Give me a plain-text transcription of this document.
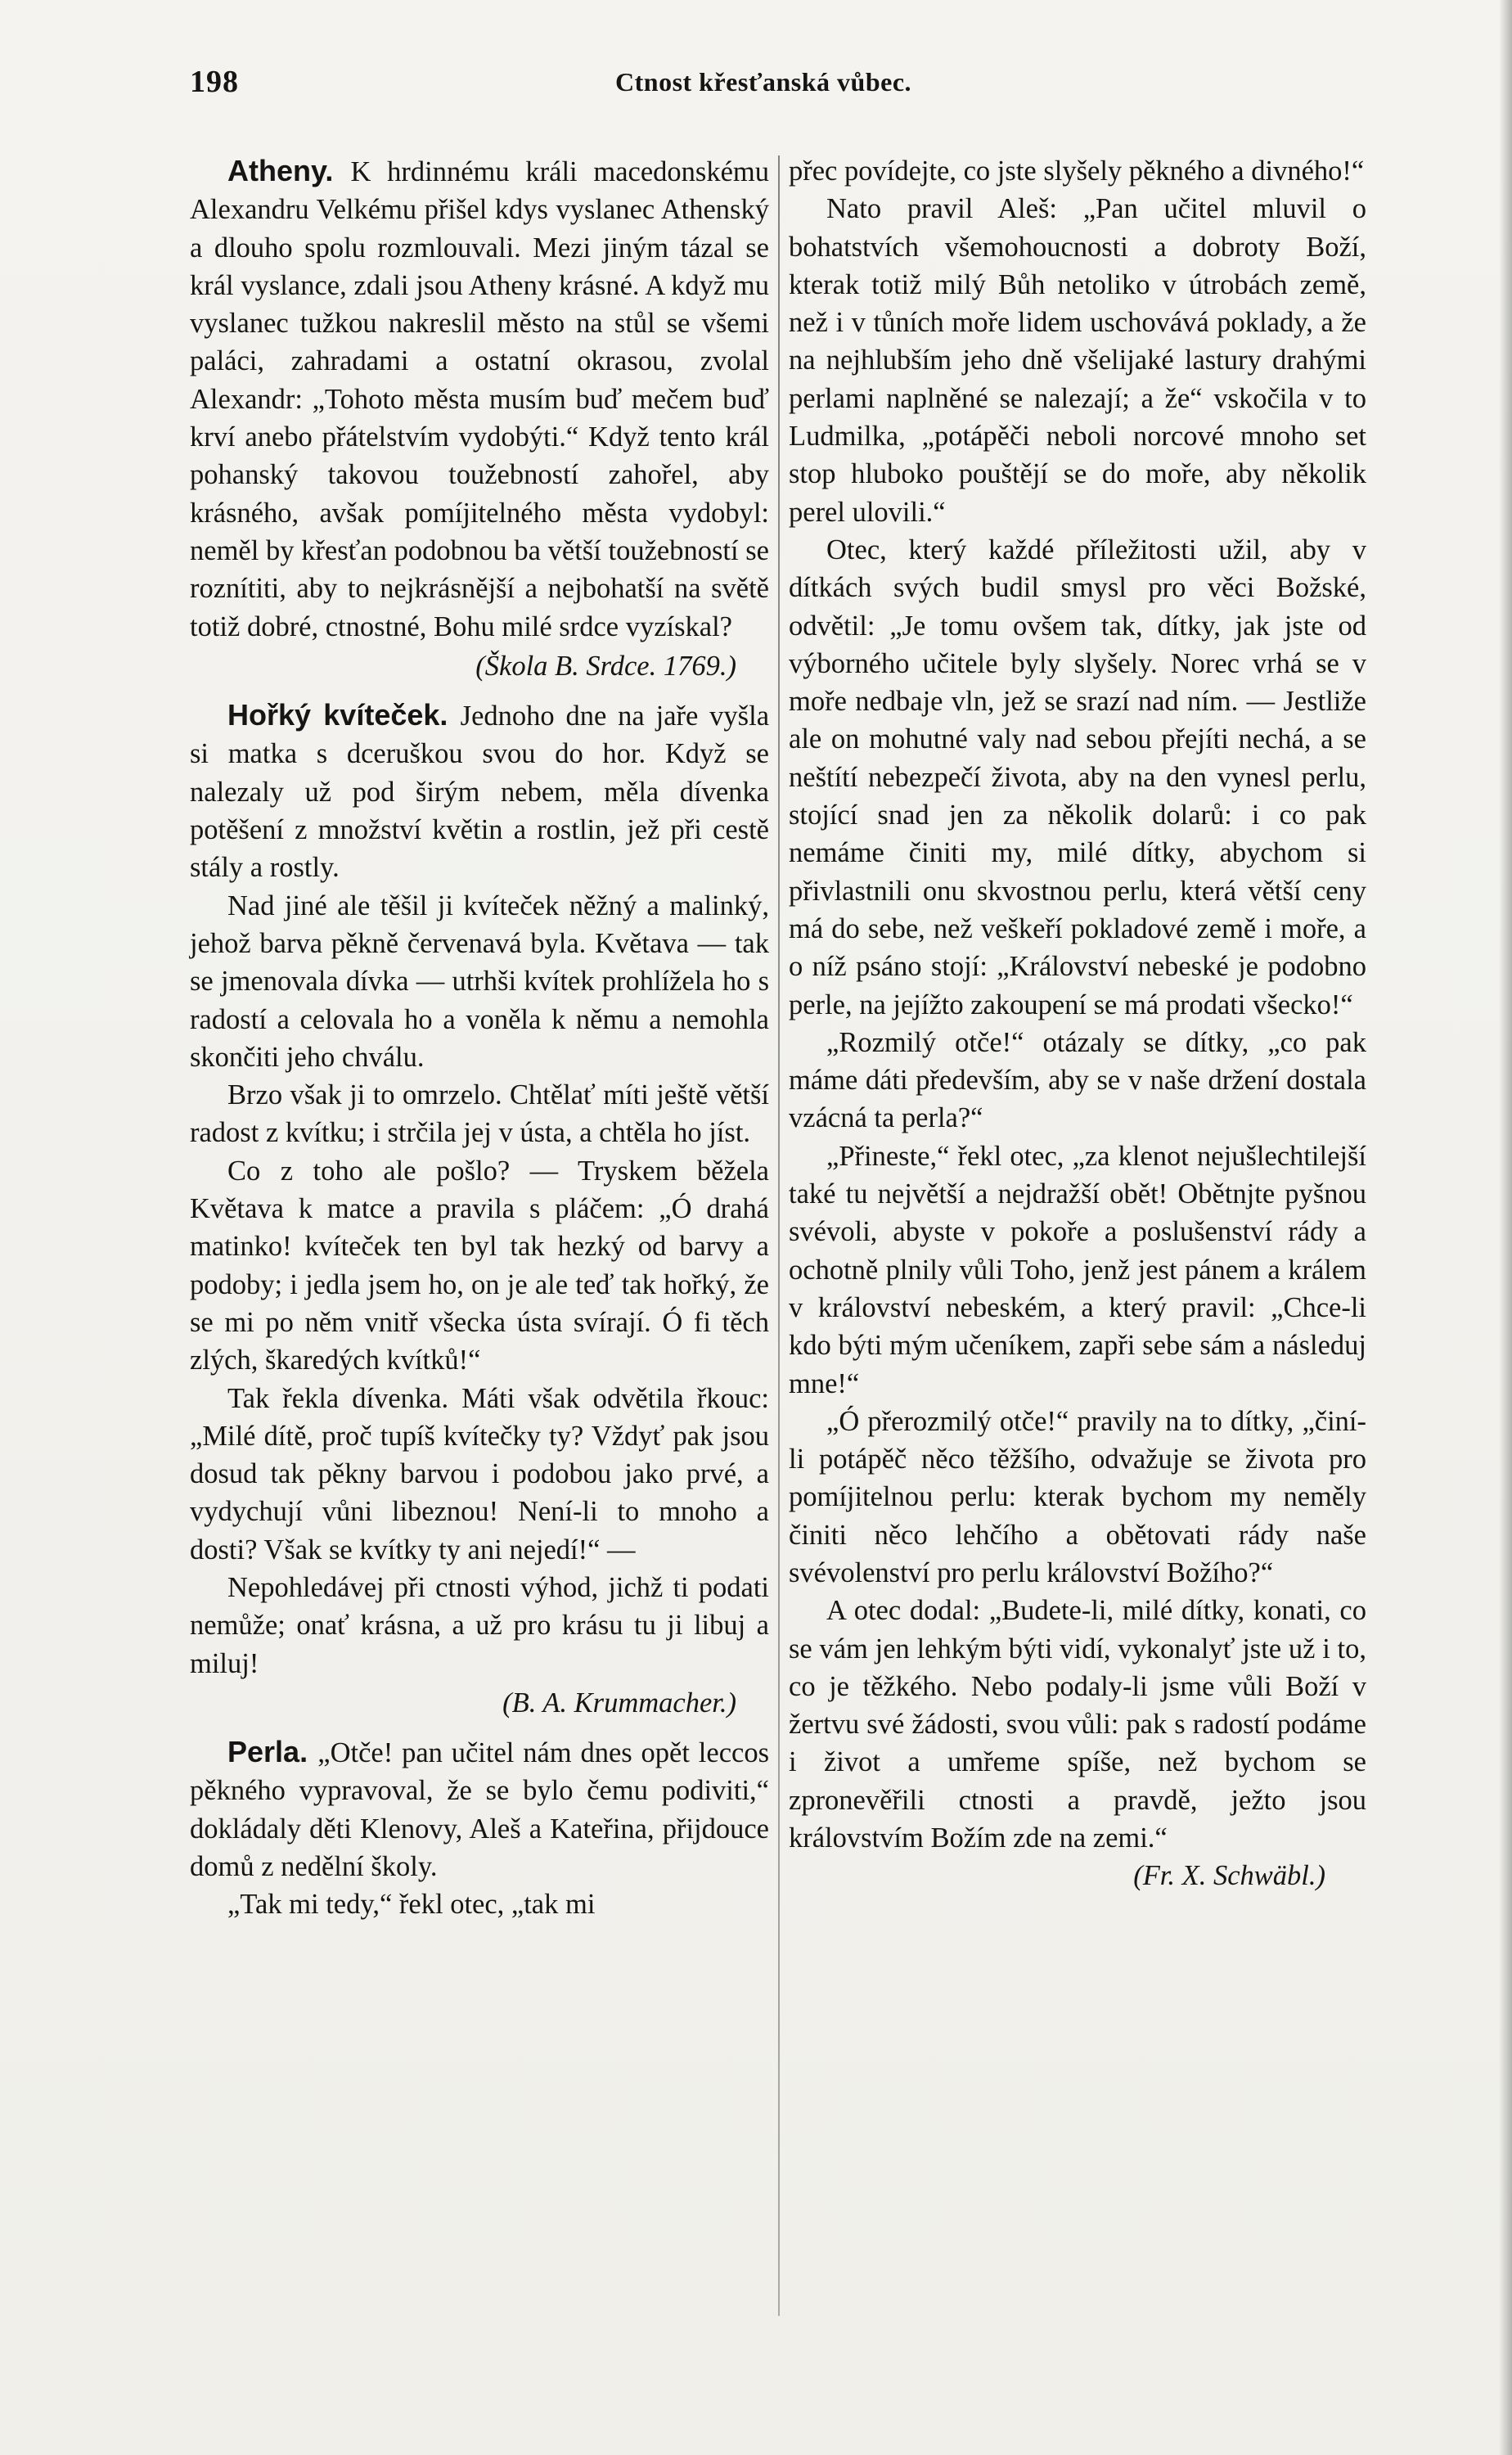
198	Ctnost křesťanská vůbec.

Atheny. K hrdinnému králi macedonskému Alexandru Velkému přišel kdys vyslanec Athenský a dlouho spolu rozmlouvali. Mezi jiným tázal se král vyslance, zdali jsou Atheny krásné. A když mu vyslanec tužkou nakreslil město na stůl se všemi paláci, zahradami a ostatní okrasou, zvolal Alexandr: „Tohoto města musím buď mečem buď krví anebo přátelstvím vydobýti.“ Když tento král pohanský takovou toužebností zahořel, aby krásného, avšak pomíjitelného města vydobyl: neměl by křesťan podobnou ba větší toužebností se roznítiti, aby to nejkrásnější a nejbohatší na světě totiž dobré, ctnostné, Bohu milé srdce vyzískal?

(Škola B. Srdce. 1769.)

Hořký kvíteček. Jednoho dne na jaře vyšla si matka s dceruškou svou do hor. Když se nalezaly už pod širým nebem, měla dívenka potěšení z množství květin a rostlin, jež při cestě stály a rostly.

Nad jiné ale těšil ji kvíteček něžný a malinký, jehož barva pěkně červenavá byla. Květava — tak se jmenovala dívka — utrhši kvítek prohlížela ho s radostí a celovala ho a voněla k němu a nemohla skončiti jeho chválu.

Brzo však ji to omrzelo. Chtělať míti ještě větší radost z kvítku; i strčila jej v ústa, a chtěla ho jíst.

Co z toho ale pošlo? — Tryskem běžela Květava k matce a pravila s pláčem: „Ó drahá matinko! kvíteček ten byl tak hezký od barvy a podoby; i jedla jsem ho, on je ale teď tak hořký, že se mi po něm vnitř všecka ústa svírají. Ó fi těch zlých, škaredých kvítků!“

Tak řekla dívenka. Máti však odvětila řkouc: „Milé dítě, proč tupíš kvítečky ty? Vždyť pak jsou dosud tak pěkny barvou i podobou jako prvé, a vydychují vůni libeznou! Není-li to mnoho a dosti? Však se kvítky ty ani nejedí!“ —

Nepohledávej při ctnosti výhod, jichž ti podati nemůže; onať krásna, a už pro krásu tu ji libuj a miluj!

(B. A. Krummacher.)

Perla. „Otče! pan učitel nám dnes opět leccos pěkného vypravoval, že se bylo čemu podiviti,“ dokládaly děti Klenovy, Aleš a Kateřina, přijdouce domů z nedělní školy.

„Tak mi tedy,“ řekl otec, „tak mi

přec povídejte, co jste slyšely pěkného a divného!“

Nato pravil Aleš: „Pan učitel mluvil o bohatstvích všemohoucnosti a dobroty Boží, kterak totiž milý Bůh netoliko v útrobách země, než i v tůních moře lidem uschovává poklady, a že na nejhlubším jeho dně všelijaké lastury drahými perlami naplněné se nalezají; a že“ vskočila v to Ludmilka, „potápěči neboli norcové mnoho set stop hluboko pouštějí se do moře, aby několik perel ulovili.“

Otec, který každé příležitosti užil, aby v dítkách svých budil smysl pro věci Božské, odvětil: „Je tomu ovšem tak, dítky, jak jste od výborného učitele byly slyšely. Norec vrhá se v moře nedbaje vln, jež se srazí nad ním. — Jestliže ale on mohutné valy nad sebou přejíti nechá, a se neštítí nebezpečí života, aby na den vynesl perlu, stojící snad jen za několik dolarů: i co pak nemáme činiti my, milé dítky, abychom si přivlastnili onu skvostnou perlu, která větší ceny má do sebe, než veškeří pokladové země i moře, a o níž psáno stojí: „Království nebeské je podobno perle, na jejížto zakoupení se má prodati všecko!“

„Rozmilý otče!“ otázaly se dítky, „co pak máme dáti především, aby se v naše držení dostala vzácná ta perla?“

„Přineste,“ řekl otec, „za klenot nejušlechtilejší také tu největší a nejdražší obět! Obětnjte pyšnou svévoli, abyste v pokoře a poslušenství rády a ochotně plnily vůli Toho, jenž jest pánem a králem v království nebeském, a který pravil: „Chce-li kdo býti mým učeníkem, zapři sebe sám a následuj mne!“

„Ó přerozmilý otče!“ pravily na to dítky, „činí-li potápěč něco těžšího, odvažuje se života pro pomíjitelnou perlu: kterak bychom my neměly činiti něco lehčího a obětovati rády naše svévolenství pro perlu království Božího?“

A otec dodal: „Budete-li, milé dítky, konati, co se vám jen lehkým býti vidí, vykonalyť jste už i to, co je těžkého. Nebo podaly-li jsme vůli Boží v žertvu své žádosti, svou vůli: pak s radostí podáme i život a umřeme spíše, než bychom se zpronevěřili ctnosti a pravdě, ježto jsou královstvím Božím zde na zemi.“
(Fr. X. Schwäbl.)
